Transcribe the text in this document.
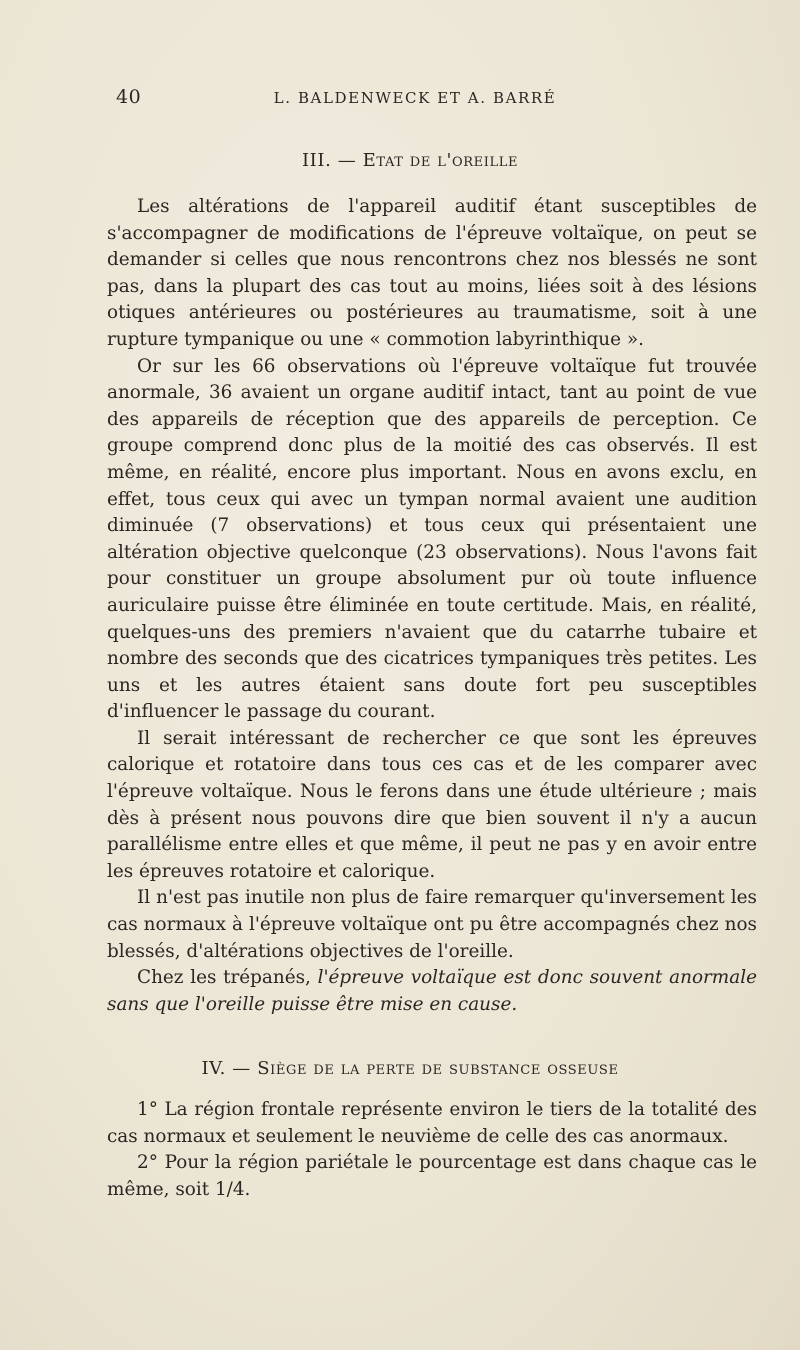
40	L. BALDENWECK ET A. BARRÉ
III. — Etat de l'oreille

Les altérations de l'appareil auditif étant susceptibles de s'accompagner de modifications de l'épreuve voltaïque, on peut se demander si celles que nous rencontrons chez nos blessés ne sont pas, dans la plupart des cas tout au moins, liées soit à des lésions otiques antérieures ou postérieures au traumatisme, soit à une rupture tympanique ou une « commotion labyrinthique ».

Or sur les 66 observations où l'épreuve voltaïque fut trouvée anormale, 36 avaient un organe auditif intact, tant au point de vue des appareils de réception que des appareils de perception. Ce groupe comprend donc plus de la moitié des cas observés. Il est même, en réalité, encore plus important. Nous en avons exclu, en effet, tous ceux qui avec un tympan normal avaient une audition diminuée (7 observations) et tous ceux qui présentaient une altération objective quelconque (23 observations). Nous l'avons fait pour constituer un groupe absolument pur où toute influence auriculaire puisse être éliminée en toute certitude. Mais, en réalité, quelques-uns des premiers n'avaient que du catarrhe tubaire et nombre des seconds que des cicatrices tympaniques très petites. Les uns et les autres étaient sans doute fort peu susceptibles d'influencer le passage du courant.

Il serait intéressant de rechercher ce que sont les épreuves calorique et rotatoire dans tous ces cas et de les comparer avec l'épreuve voltaïque. Nous le ferons dans une étude ultérieure ; mais dès à présent nous pouvons dire que bien souvent il n'y a aucun parallélisme entre elles et que même, il peut ne pas y en avoir entre les épreuves rotatoire et calorique.

Il n'est pas inutile non plus de faire remarquer qu'inversement les cas normaux à l'épreuve voltaïque ont pu être accompagnés chez nos blessés, d'altérations objectives de l'oreille.

Chez les trépanés, l'épreuve voltaïque est donc souvent anormale sans que l'oreille puisse être mise en cause.

IV. — Siège de la perte de substance osseuse

1° La région frontale représente environ le tiers de la totalité des cas normaux et seulement le neuvième de celle des cas anormaux.

2° Pour la région pariétale le pourcentage est dans chaque cas le même, soit 1/4.
